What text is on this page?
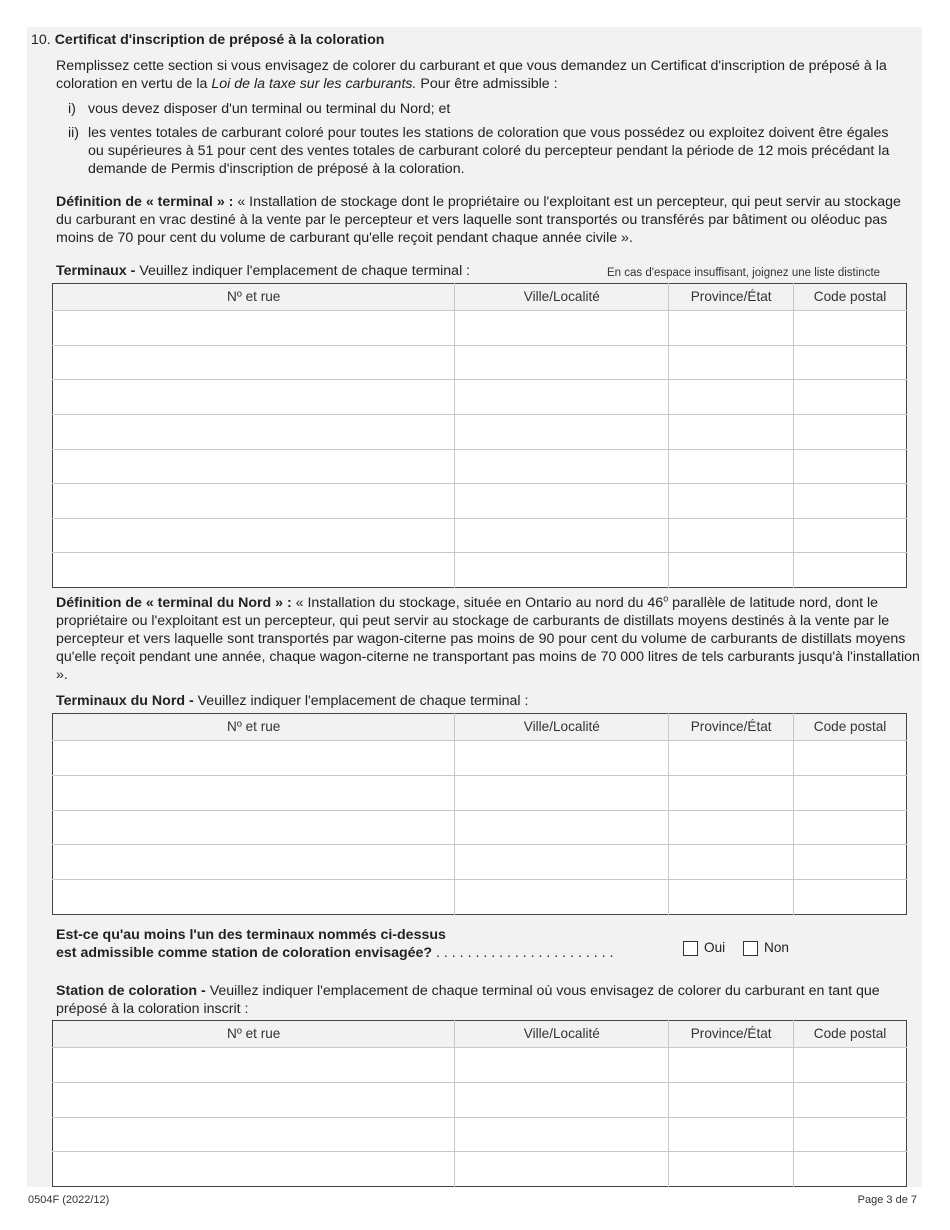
10. Certificat d'inscription de préposé à la coloration
Remplissez cette section si vous envisagez de colorer du carburant et que vous demandez un Certificat d'inscription de préposé à la coloration en vertu de la Loi de la taxe sur les carburants. Pour être admissible :
i) vous devez disposer d'un terminal ou terminal du Nord; et
ii) les ventes totales de carburant coloré pour toutes les stations de coloration que vous possédez ou exploitez doivent être égales ou supérieures à 51 pour cent des ventes totales de carburant coloré du percepteur pendant la période de 12 mois précédant la demande de Permis d'inscription de préposé à la coloration.
Définition de « terminal » : « Installation de stockage dont le propriétaire ou l'exploitant est un percepteur, qui peut servir au stockage du carburant en vrac destiné à la vente par le percepteur et vers laquelle sont transportés ou transférés par bâtiment ou oléoduc pas moins de 70 pour cent du volume de carburant qu'elle reçoit pendant chaque année civile ».
Terminaux - Veuillez indiquer l'emplacement de chaque terminal :	En cas d'espace insuffisant, joignez une liste distincte
Nº et rue	Ville/Localité	Province/État	Code postal

Définition de « terminal du Nord » : « Installation du stockage, située en Ontario au nord du 46$^o$ parallèle de latitude nord, dont le propriétaire ou l'exploitant est un percepteur, qui peut servir au stockage de carburants de distillats moyens destinés à la vente par le percepteur et vers laquelle sont transportés par wagon-citerne pas moins de 90 pour cent du volume de carburants de distillats moyens qu'elle reçoit pendant une année, chaque wagon-citerne ne transportant pas moins de 70 000 litres de tels carburants jusqu'à l'installation ».
Terminaux du Nord - Veuillez indiquer l'emplacement de chaque terminal :
Nº et rue	Ville/Localité	Province/État	Code postal

Est-ce qu'au moins l'un des terminaux nommés ci-dessus
est admissible comme station de coloration envisagée? . . . . . . . . . . . . . . . . . . . . . . .	Oui	Non
Station de coloration - Veuillez indiquer l'emplacement de chaque terminal où vous envisagez de colorer du carburant en tant que préposé à la coloration inscrit :
Nº et rue	Ville/Localité	Province/État	Code postal

0504F (2022/12)	Page 3 de 7
